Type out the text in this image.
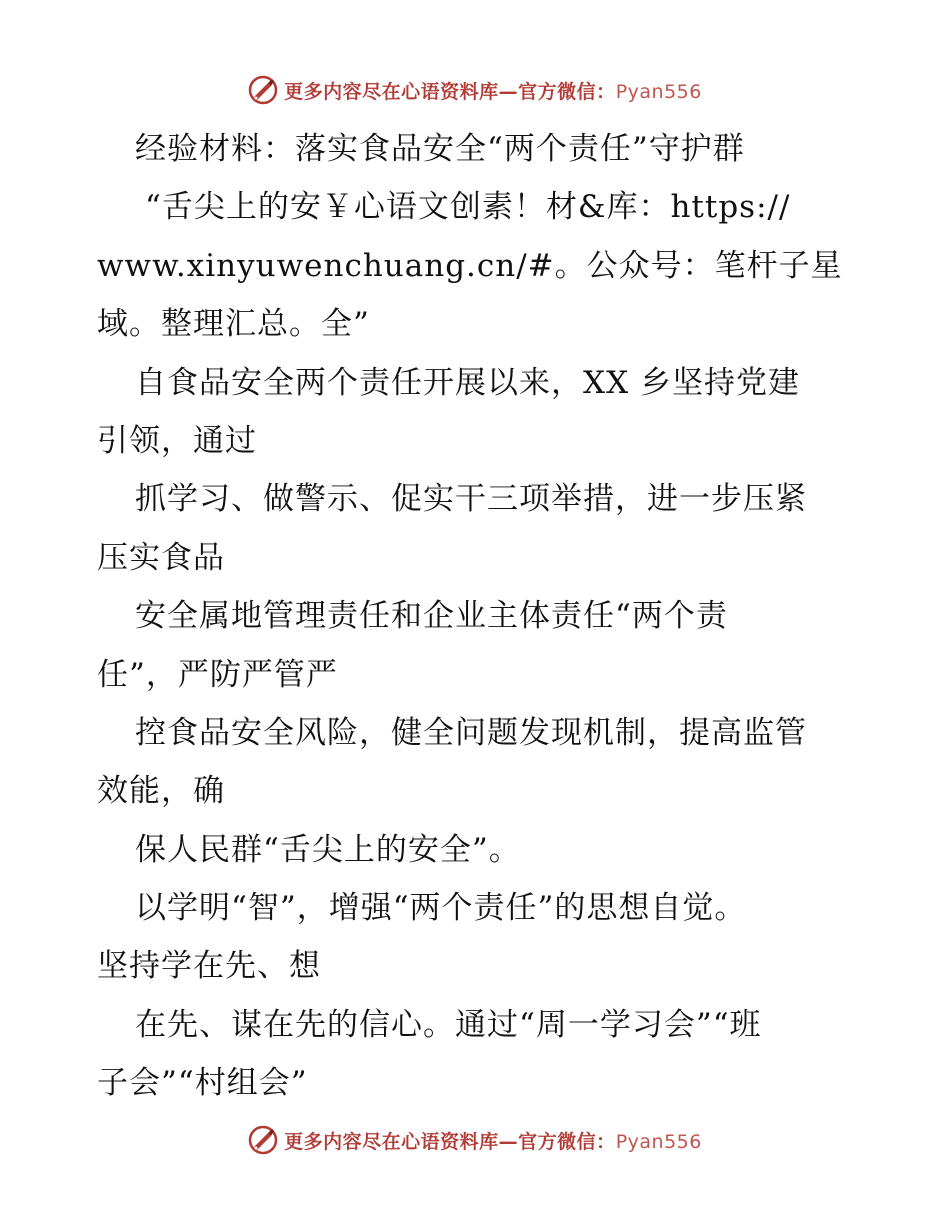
更多内容尽在心语资料库—官方微信：Pyan556
经验材料：落实食品安全“两个责任”守护群
“舌尖上的安￥心语文创素！材&库：https://
www.xinyuwenchuang.cn/#。公众号：笔杆子星
域。整理汇总。全”
自食品安全两个责任开展以来，XX 乡坚持党建
引领，通过
抓学习、做警示、促实干三项举措，进一步压紧
压实食品
安全属地管理责任和企业主体责任“两个责
任”，严防严管严
控食品安全风险，健全问题发现机制，提高监管
效能，确
保人民群“舌尖上的安全”。
以学明“智”，增强“两个责任”的思想自觉。
坚持学在先、想
在先、谋在先的信心。通过“周一学习会”“班
子会”“村组会”
更多内容尽在心语资料库—官方微信：Pyan556
